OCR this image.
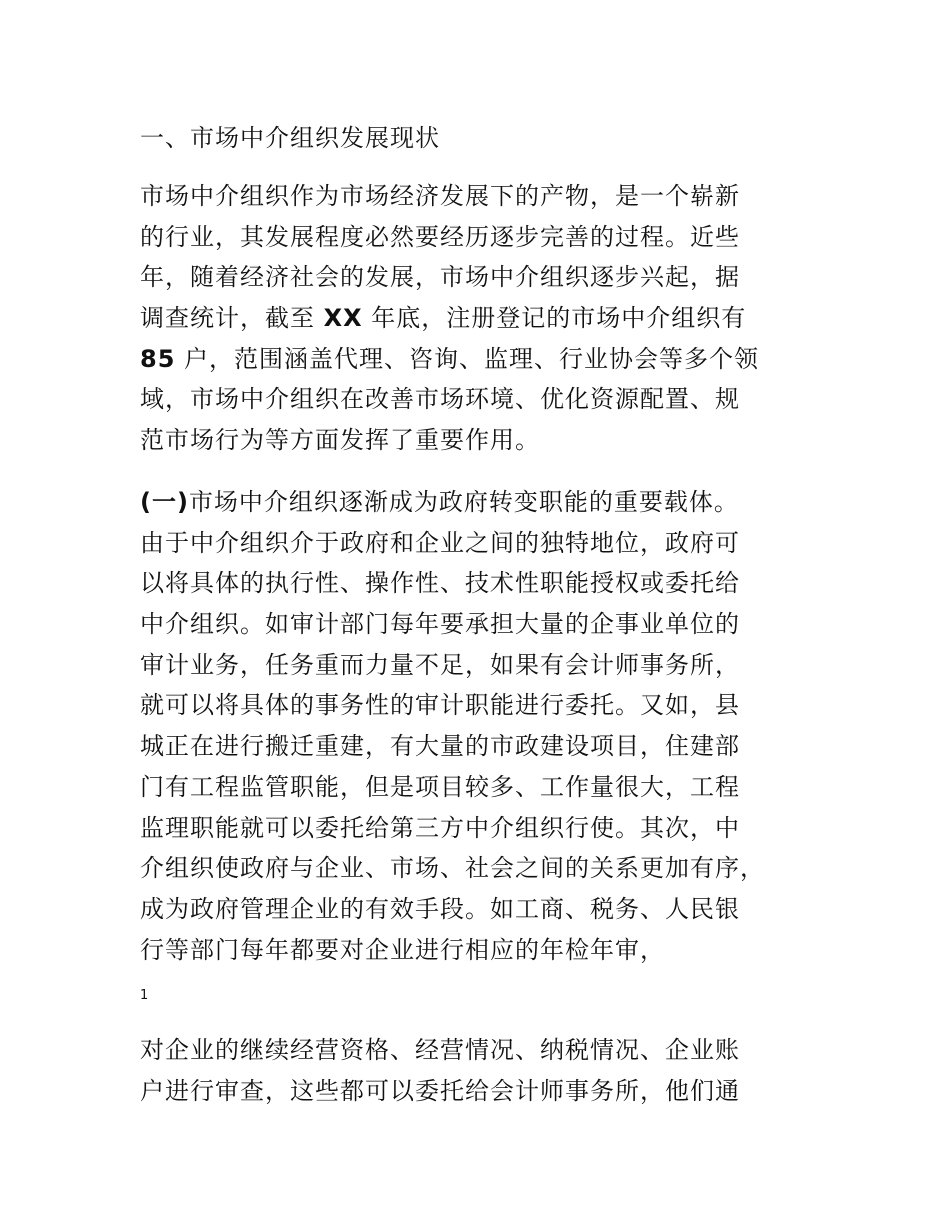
一、市场中介组织发展现状
市场中介组织作为市场经济发展下的产物，是一个崭新
的行业，其发展程度必然要经历逐步完善的过程。近些
年，随着经济社会的发展，市场中介组织逐步兴起，据
调查统计，截至 XX 年底，注册登记的市场中介组织有
85 户，范围涵盖代理、咨询、监理、行业协会等多个领
域，市场中介组织在改善市场环境、优化资源配置、规
范市场行为等方面发挥了重要作用。
(一)市场中介组织逐渐成为政府转变职能的重要载体。
由于中介组织介于政府和企业之间的独特地位，政府可
以将具体的执行性、操作性、技术性职能授权或委托给
中介组织。如审计部门每年要承担大量的企事业单位的
审计业务，任务重而力量不足，如果有会计师事务所，
就可以将具体的事务性的审计职能进行委托。又如，县
城正在进行搬迁重建，有大量的市政建设项目，住建部
门有工程监管职能，但是项目较多、工作量很大，工程
监理职能就可以委托给第三方中介组织行使。其次，中
介组织使政府与企业、市场、社会之间的关系更加有序，
成为政府管理企业的有效手段。如工商、税务、人民银
行等部门每年都要对企业进行相应的年检年审，
1
对企业的继续经营资格、经营情况、纳税情况、企业账
户进行审查，这些都可以委托给会计师事务所，他们通
